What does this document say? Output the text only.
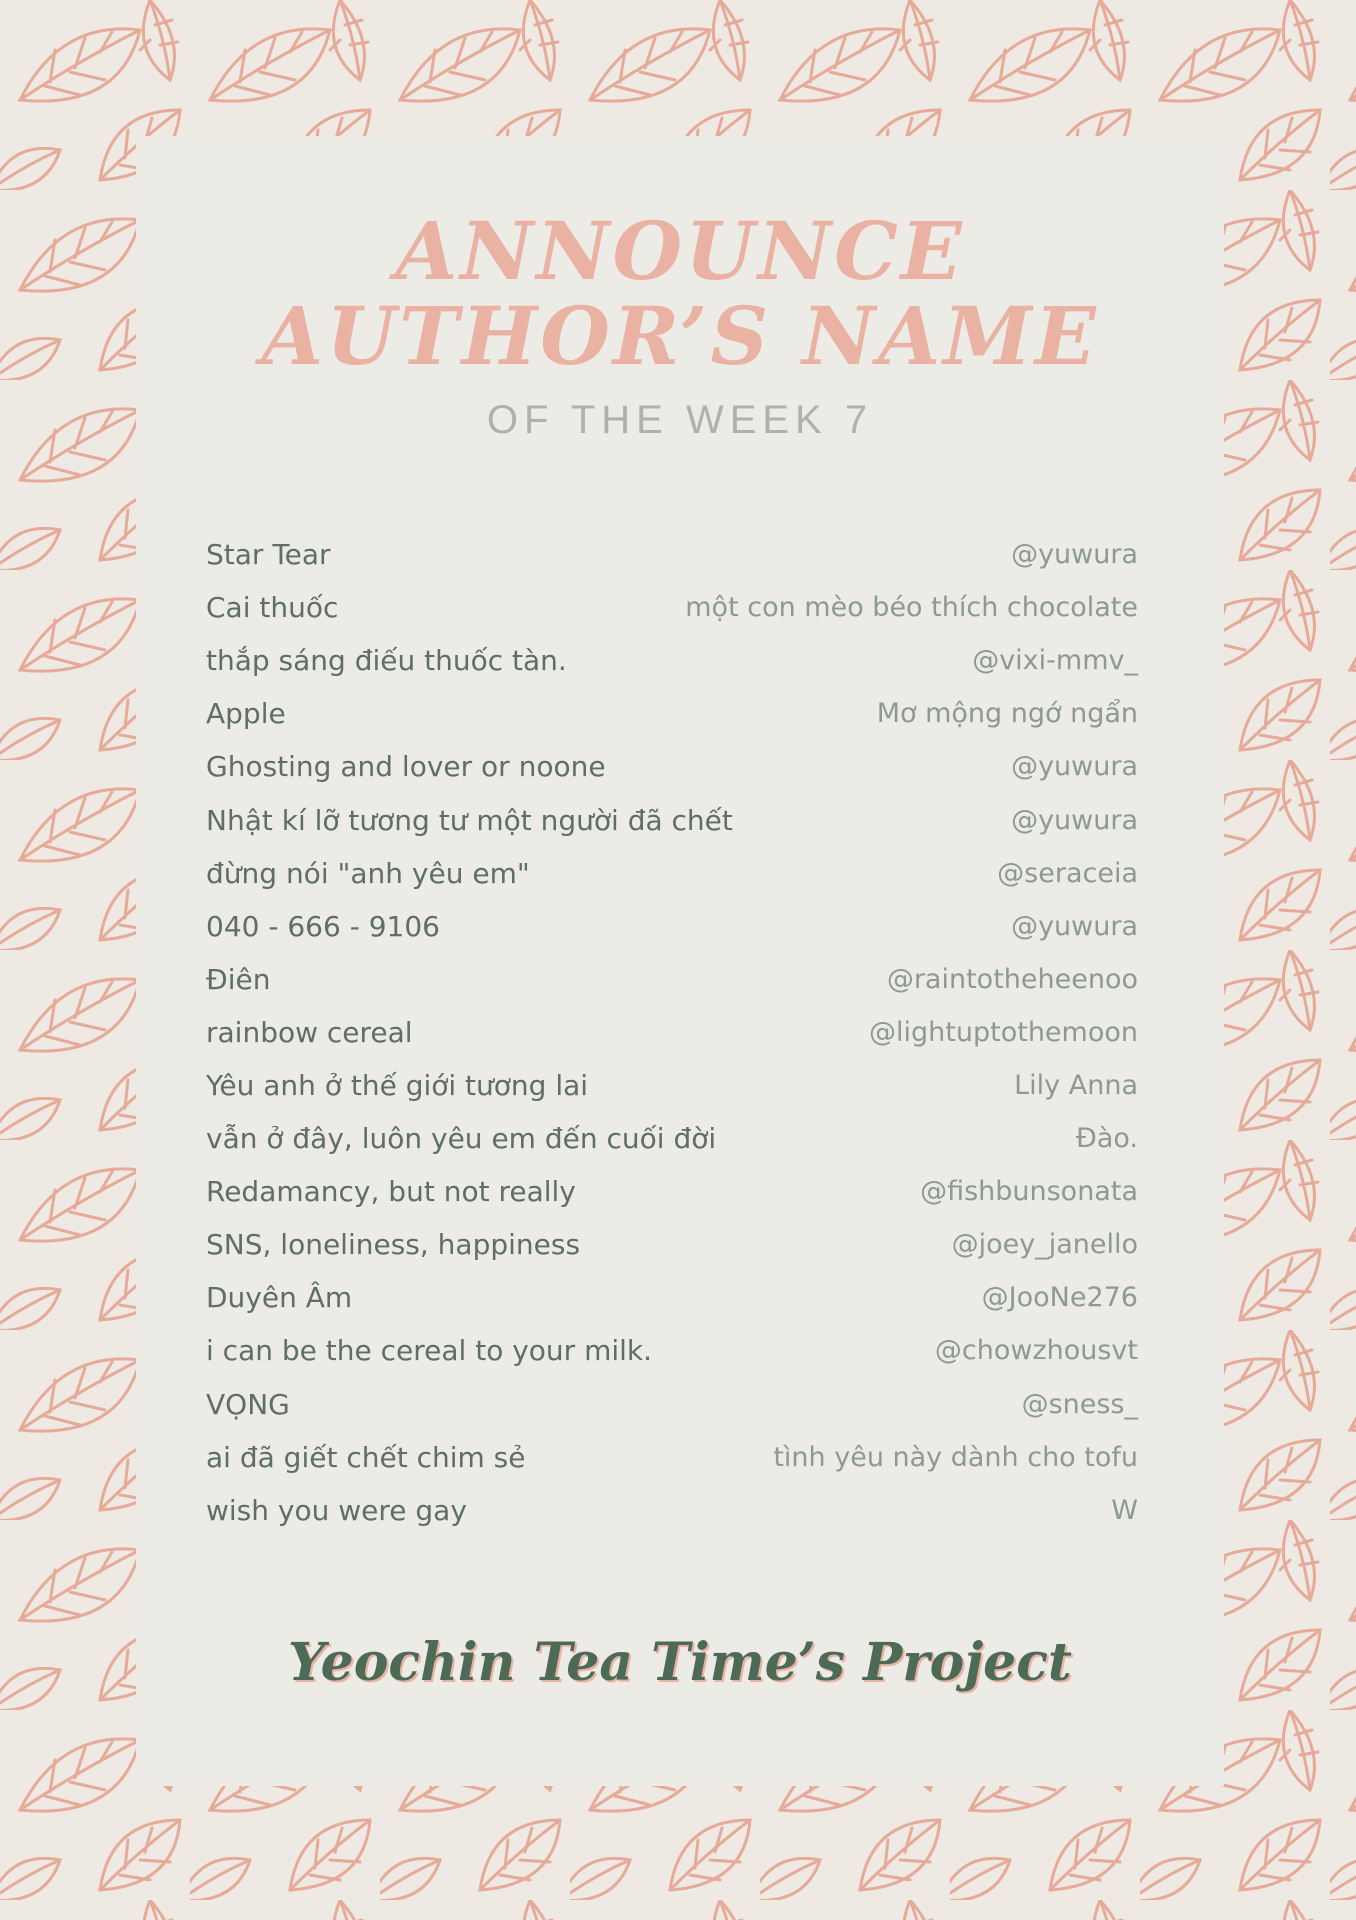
ANNOUNCE
AUTHOR’S NAME
OF THE WEEK 7
Star Tear	@yuwura
Cai thuốc	một con mèo béo thích chocolate
thắp sáng điếu thuốc tàn.	@vixi-mmv_
Apple	Mơ mộng ngớ ngẩn
Ghosting and lover or noone	@yuwura
Nhật kí lỡ tương tư một người đã chết	@yuwura
đừng nói "anh yêu em"	@seraceia
040 - 666 - 9106	@yuwura
Điên	@raintotheheenoo
rainbow cereal	@lightuptothemoon
Yêu anh ở thế giới tương lai	Lily Anna
vẫn ở đây, luôn yêu em đến cuối đời	Đào.
Redamancy, but not really	@fishbunsonata
SNS, loneliness, happiness	@joey_janello
Duyên Âm	@JooNe276
i can be the cereal to your milk.	@chowzhousvt
VỌNG	@sness_
ai đã giết chết chim sẻ	tình yêu này dành cho tofu
wish you were gay	W
Yeochin Tea Time’s Project
